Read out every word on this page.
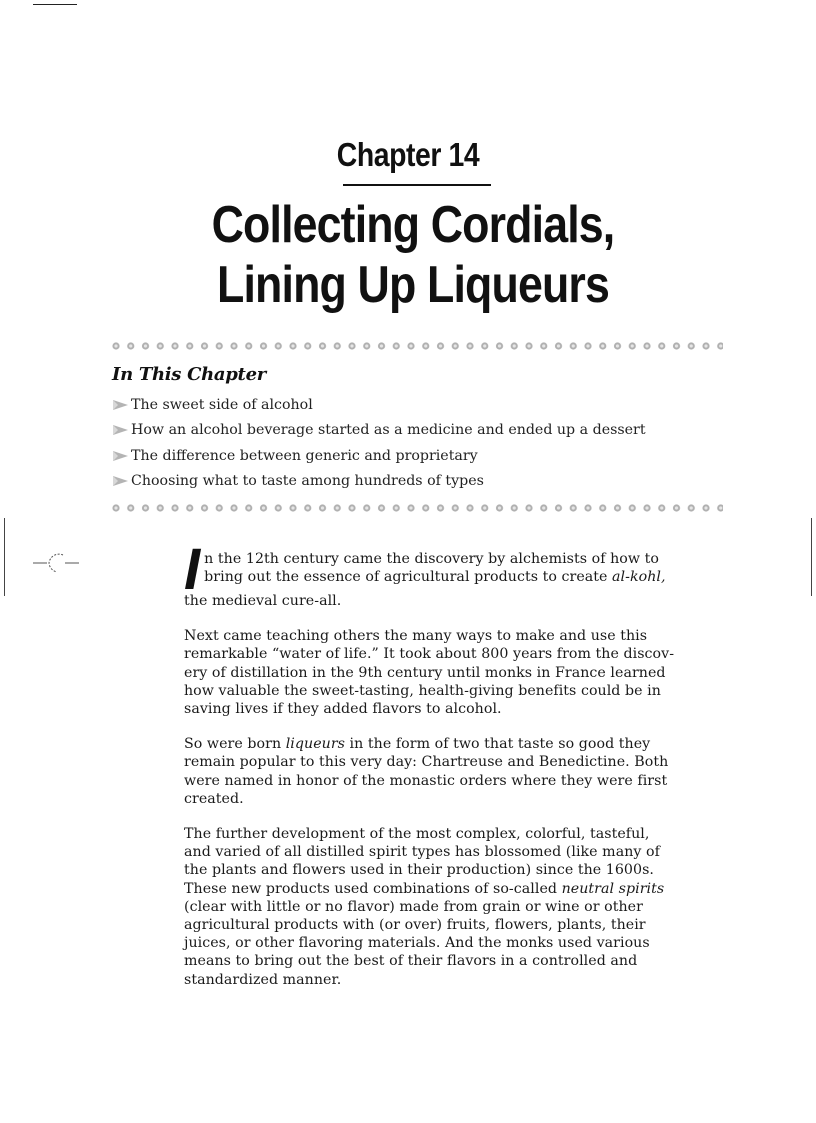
Chapter 14
Collecting Cordials,
Lining Up Liqueurs
In This Chapter
The sweet side of alcohol
How an alcohol beverage started as a medicine and ended up a dessert
The difference between generic and proprietary
Choosing what to taste among hundreds of types

I n the 12th century came the discovery by alchemists of how to
bring out the essence of agricultural products to create al-kohl,
the medieval cure-all.

Next came teaching others the many ways to make and use this
remarkable “water of life.” It took about 800 years from the discov-
ery of distillation in the 9th century until monks in France learned
how valuable the sweet-tasting, health-giving benefits could be in
saving lives if they added flavors to alcohol.

So were born liqueurs in the form of two that taste so good they
remain popular to this very day: Chartreuse and Benedictine. Both
were named in honor of the monastic orders where they were first
created.

The further development of the most complex, colorful, tasteful,
and varied of all distilled spirit types has blossomed (like many of
the plants and flowers used in their production) since the 1600s.
These new products used combinations of so-called neutral spirits
(clear with little or no flavor) made from grain or wine or other
agricultural products with (or over) fruits, flowers, plants, their
juices, or other flavoring materials. And the monks used various
means to bring out the best of their flavors in a controlled and
standardized manner.
